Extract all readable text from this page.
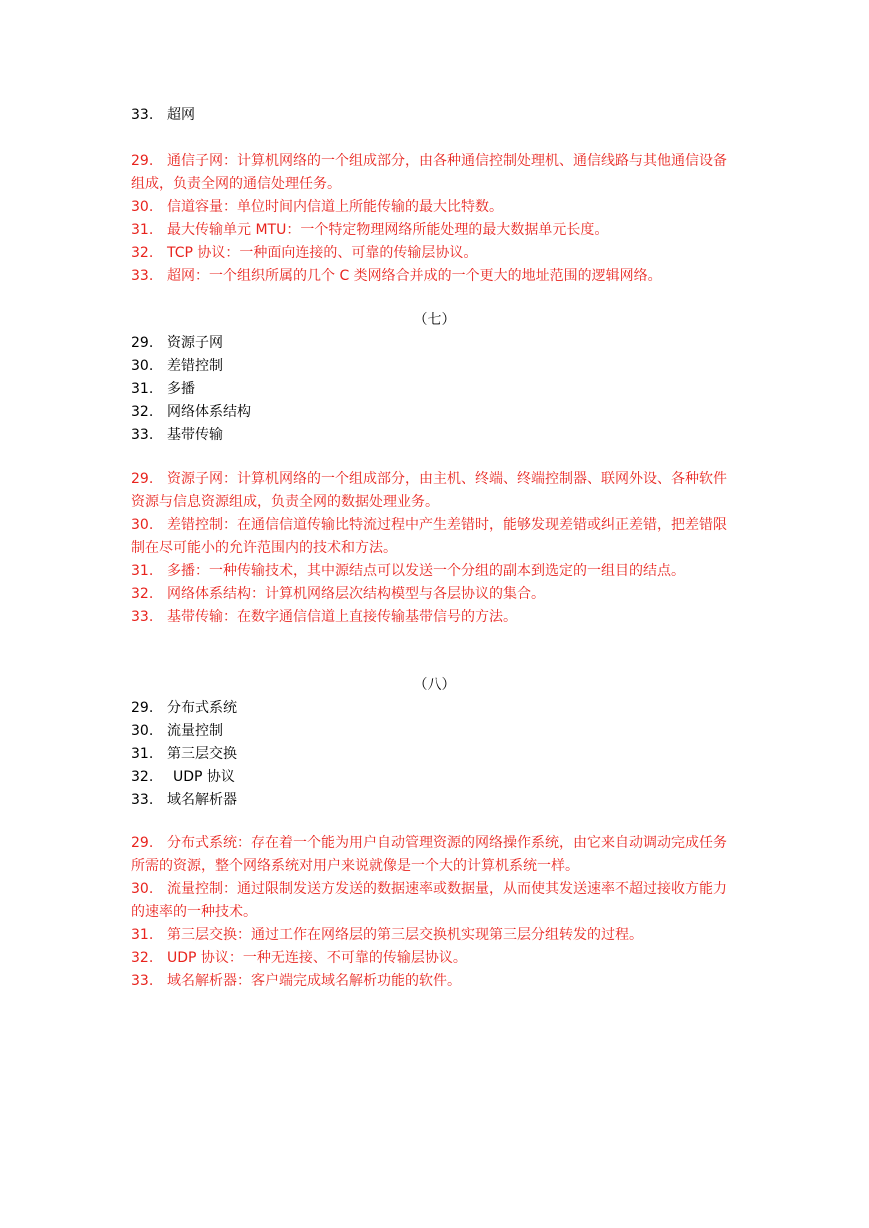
33. 超网
29. 通信子网：计算机网络的一个组成部分，由各种通信控制处理机、通信线路与其他通信设备组成，负责全网的通信处理任务。
30. 信道容量：单位时间内信道上所能传输的最大比特数。
31. 最大传输单元 MTU：一个特定物理网络所能处理的最大数据单元长度。
32. TCP 协议：一种面向连接的、可靠的传输层协议。
33. 超网：一个组织所属的几个 C 类网络合并成的一个更大的地址范围的逻辑网络。
（七）
29. 资源子网
30. 差错控制
31. 多播
32. 网络体系结构
33. 基带传输
29. 资源子网：计算机网络的一个组成部分，由主机、终端、终端控制器、联网外设、各种软件资源与信息资源组成，负责全网的数据处理业务。
30. 差错控制：在通信信道传输比特流过程中产生差错时，能够发现差错或纠正差错，把差错限制在尽可能小的允许范围内的技术和方法。
31. 多播：一种传输技术，其中源结点可以发送一个分组的副本到选定的一组目的结点。
32. 网络体系结构：计算机网络层次结构模型与各层协议的集合。
33. 基带传输：在数字通信信道上直接传输基带信号的方法。
（八）
29. 分布式系统
30. 流量控制
31. 第三层交换
32. UDP 协议
33. 域名解析器
29. 分布式系统：存在着一个能为用户自动管理资源的网络操作系统，由它来自动调动完成任务所需的资源，整个网络系统对用户来说就像是一个大的计算机系统一样。
30. 流量控制：通过限制发送方发送的数据速率或数据量，从而使其发送速率不超过接收方能力的速率的一种技术。
31. 第三层交换：通过工作在网络层的第三层交换机实现第三层分组转发的过程。
32. UDP 协议：一种无连接、不可靠的传输层协议。
33. 域名解析器：客户端完成域名解析功能的软件。
